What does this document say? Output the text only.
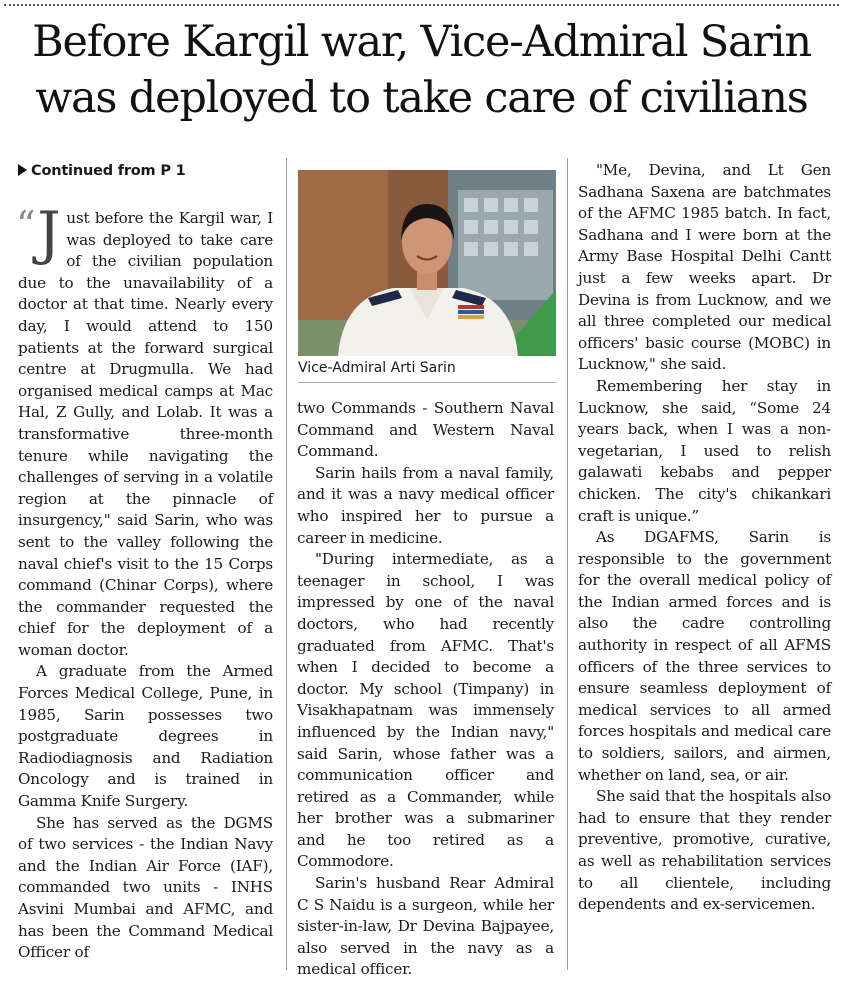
Before Kargil war, Vice-Admiral Sarin was deployed to take care of civilians
Continued from P 1

“ J ust before the Kargil war, I was deployed to take care of the civilian population due to the unavailability of a doctor at that time. Nearly every day, I would attend to 150 patients at the forward surgical centre at Drugmulla. We had organised medical camps at Mac Hal, Z Gully, and Lolab. It was a transformative three-month tenure while navigating the challenges of serving in a volatile region at the pinnacle of insurgency," said Sarin, who was sent to the valley following the naval chief's visit to the 15 Corps command (Chinar Corps), where the commander requested the chief for the deployment of a woman doctor.

A graduate from the Armed Forces Medical College, Pune, in 1985, Sarin possesses two postgraduate degrees in Radiodiagnosis and Radiation Oncology and is trained in Gamma Knife Surgery.

She has served as the DGMS of two services - the Indian Navy and the Indian Air Force (IAF), commanded two units - INHS Asvini Mumbai and AFMC, and has been the Command Medical Officer of

Vice-Admiral Arti Sarin

two Commands - Southern Naval Command and Western Naval Command.

Sarin hails from a naval family, and it was a navy medical officer who inspired her to pursue a career in medicine.

"During intermediate, as a teenager in school, I was impressed by one of the naval doctors, who had recently graduated from AFMC. That's when I decided to become a doctor. My school (Timpany) in Visakhapatnam was immensely influenced by the Indian navy," said Sarin, whose father was a communication officer and retired as a Commander, while her brother was a submariner and he too retired as a Commodore.

Sarin's husband Rear Admiral C S Naidu is a surgeon, while her sister-in-law, Dr Devina Bajpayee, also served in the navy as a medical officer.

"Me, Devina, and Lt Gen Sadhana Saxena are batchmates of the AFMC 1985 batch. In fact, Sadhana and I were born at the Army Base Hospital Delhi Cantt just a few weeks apart. Dr Devina is from Lucknow, and we all three completed our medical officers' basic course (MOBC) in Lucknow," she said.

Remembering her stay in Lucknow, she said, “Some 24 years back, when I was a non-vegetarian, I used to relish galawati kebabs and pepper chicken. The city's chikankari craft is unique.”

As DGAFMS, Sarin is responsible to the government for the overall medical policy of the Indian armed forces and is also the cadre controlling authority in respect of all AFMS officers of the three services to ensure seamless deployment of medical services to all armed forces hospitals and medical care to soldiers, sailors, and airmen, whether on land, sea, or air.

She said that the hospitals also had to ensure that they render preventive, promotive, curative, as well as rehabilitation services to all clientele, including dependents and ex-servicemen.
